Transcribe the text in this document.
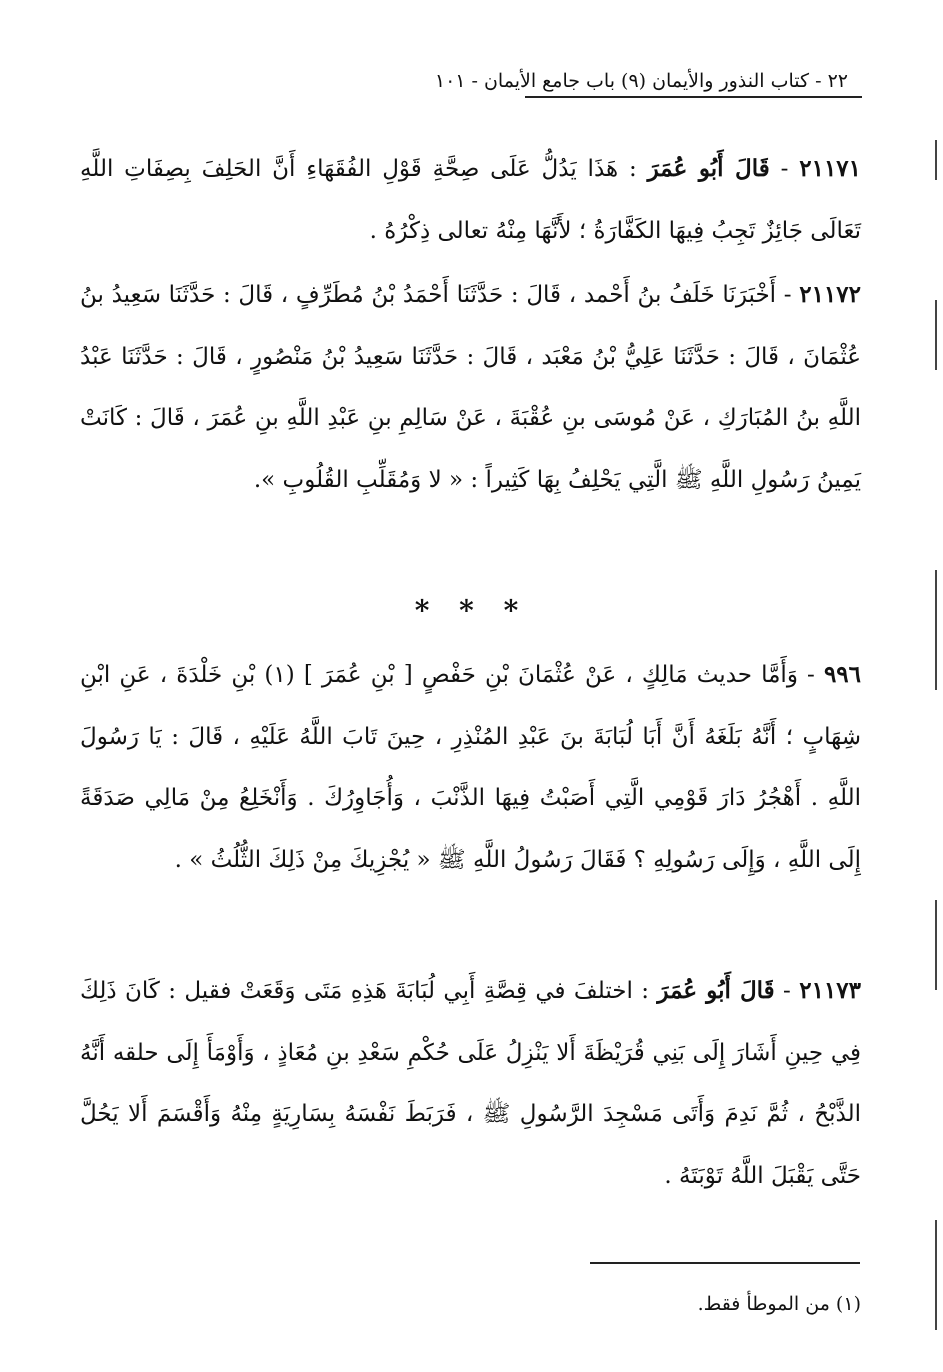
٢٢ - كتاب النذور والأيمان (٩) باب جامع الأيمان - ١٠١
٢١١٧١ - قَالَ أَبُو عُمَرَ : هَذَا يَدُلُّ عَلَى صِحَّةِ قَوْلِ الفُقَهَاءِ أَنَّ الحَلِفَ بِصِفَاتِ اللَّهِ تَعَالَى جَائِزٌ تَجِبُ فِيهَا الكَفَّارَةُ ؛ لأَنَّهَا مِنْهُ تعالى ذِكْرُهُ .
٢١١٧٢ - أَخْبَرَنَا خَلَفُ بنُ أَحْمد ، قَالَ : حَدَّثَنَا أَحْمَدُ بْنُ مُطَرِّفٍ ، قَالَ : حَدَّثَنَا سَعِيدُ بنُ عُثْمَانَ ، قَالَ : حَدَّثَنَا عَلِيُّ بْنُ مَعْبَد ، قَالَ : حَدَّثَنَا سَعِيدُ بْنُ مَنْصُورٍ ، قَالَ : حَدَّثَنَا عَبْدُ اللَّهِ بنُ المُبَارَكِ ، عَنْ مُوسَى بنِ عُقْبَةَ ، عَنْ سَالِمِ بنِ عَبْدِ اللَّهِ بنِ عُمَرَ ، قَالَ : كَانَتْ يَمِينُ رَسُولِ اللَّهِ ﷺ الَّتِي يَحْلِفُ بِهَا كَثِيراً : « لا وَمُقَلِّبِ القُلُوبِ ».
* * *
٩٩٦ - وَأَمَّا حديث مَالِكٍ ، عَنْ عُثْمَانَ بْنِ حَفْصٍ [ بْنِ عُمَرَ ] (١) بْنِ خَلْدَةَ ، عَنِ ابْنِ شِهَابٍ ؛ أَنَّهُ بَلَغَهُ أَنَّ أَبَا لُبَابَةَ بنَ عَبْدِ المُنْذِرِ ، حِينَ تَابَ اللَّهُ عَلَيْهِ ، قَالَ : يَا رَسُولَ اللَّهِ . أَهْجُرُ دَارَ قَوْمِي الَّتِي أَصَبْتُ فِيهَا الذَّنْبَ ، وَأُجَاوِرُكَ . وَأَنْخَلِعُ مِنْ مَالِي صَدَقَةً إِلَى اللَّهِ ، وَإِلَى رَسُولِهِ ؟ فَقَالَ رَسُولُ اللَّهِ ﷺ « يُجْزِيكَ مِنْ ذَلِكَ الثُّلُثُ » .
٢١١٧٣ - قَالَ أَبُو عُمَرَ : اختلفَ في قِصَّةِ أَبِي لُبَابَةَ هَذِهِ مَتَى وَقَعَتْ فقيل : كَانَ ذَلِكَ فِي حِينِ أَشَارَ إِلَى بَنِي قُرَيْظَةَ أَلا يَنْزِلُ عَلَى حُكْمِ سَعْدِ بنِ مُعَاذٍ ، وَأَوْمَأَ إِلَى حلقه أَنَّهُ الذَّبْحُ ، ثُمَّ نَدِمَ وَأَتَى مَسْجِدَ الرَّسُولِ ﷺ ، فَرَبَطَ نَفْسَهُ بِسَارِيَةٍ مِنْهُ وَأَقْسَمَ أَلا يَحُلَّ حَتَّى يَقْبَلَ اللَّهُ تَوْبَتَهُ .
(١) من الموطأ فقط.
